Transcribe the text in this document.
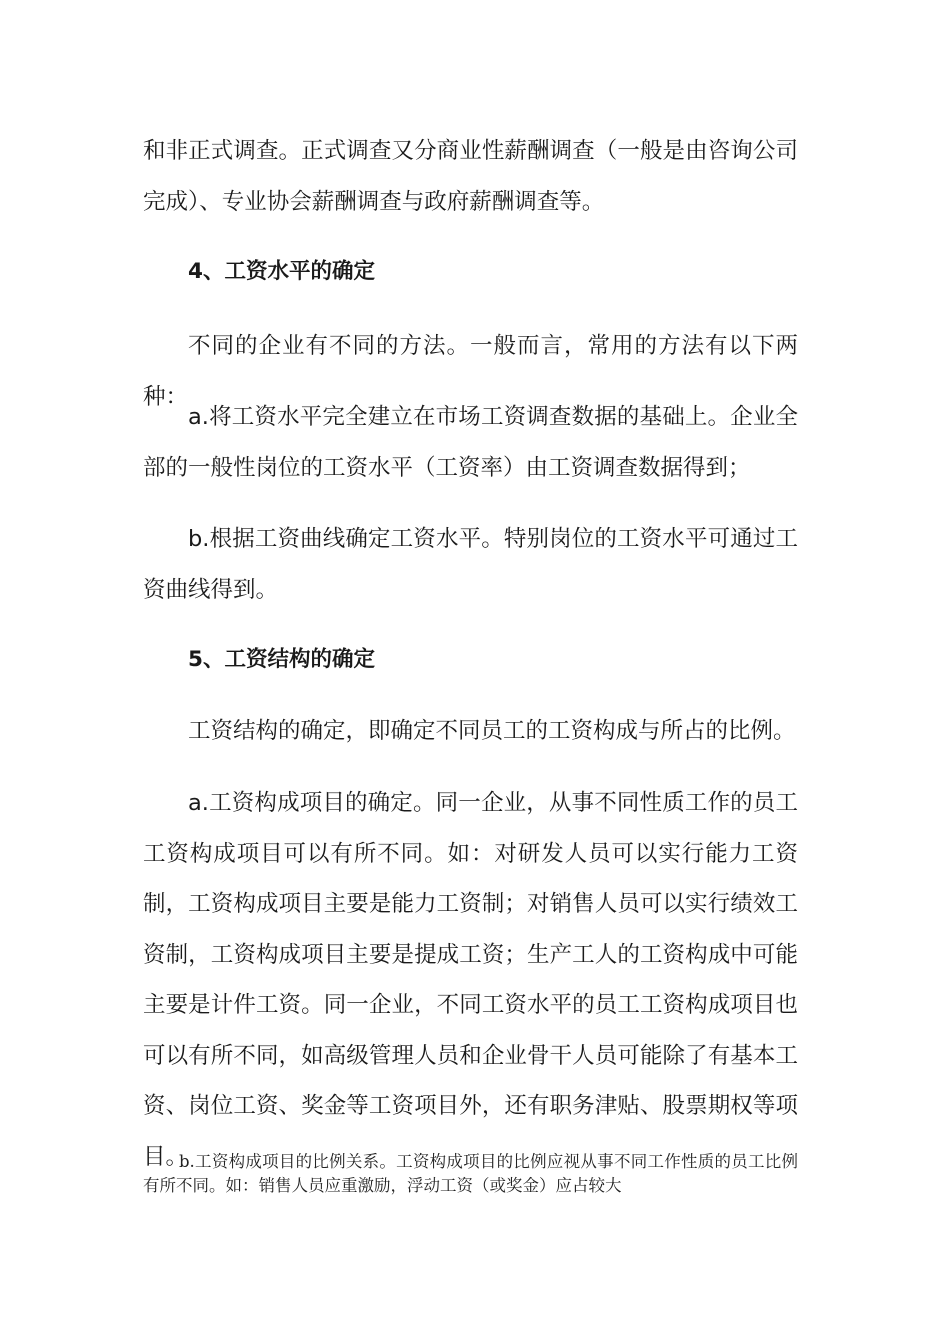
和非正式调查。正式调查又分商业性薪酬调查（一般是由咨询公司完成）、专业协会薪酬调查与政府薪酬调查等。

4、工资水平的确定

不同的企业有不同的方法。一般而言，常用的方法有以下两种：

a.将工资水平完全建立在市场工资调查数据的基础上。企业全部的一般性岗位的工资水平（工资率）由工资调查数据得到；

b.根据工资曲线确定工资水平。特别岗位的工资水平可通过工资曲线得到。

5、工资结构的确定

工资结构的确定，即确定不同员工的工资构成与所占的比例。

a.工资构成项目的确定。同一企业，从事不同性质工作的员工工资构成项目可以有所不同。如：对研发人员可以实行能力工资制，工资构成项目主要是能力工资制；对销售人员可以实行绩效工资制，工资构成项目主要是提成工资；生产工人的工资构成中可能主要是计件工资。同一企业，不同工资水平的员工工资构成项目也可以有所不同，如高级管理人员和企业骨干人员可能除了有基本工资、岗位工资、奖金等工资项目外，还有职务津贴、股票期权等项目。

b.工资构成项目的比例关系。工资构成项目的比例应视从事不同工作性质的员工比例有所不同。如：销售人员应重激励，浮动工资（或奖金）应占较大
